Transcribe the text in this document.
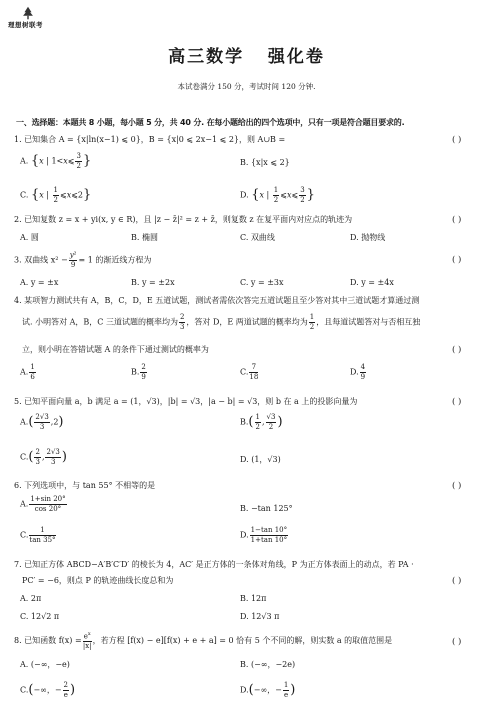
理想树联考
高三数学   强化卷
本试卷满分 150 分，考试时间 120 分钟.
一、选择题：本题共 8 小题，每小题 5 分，共 40 分. 在每小题给出的四个选项中，只有一项是符合题目要求的.
1. 已知集合 A = {x|ln(x−1) ⩽ 0}，B = {x|0 ⩽ 2x−1 ⩽ 2}，则 A∪B =	( )
A. {x | 1<x⩽ $\frac{3}{2}$ }	B. {x|x ⩽ 2}
C. {x | $\frac{1}{2}$ ⩽x⩽2}	D. {x | $\frac{1}{2}$ ⩽x⩽ $\frac{3}{2}$ }
2. 已知复数 z = x + yi(x, y ∈ R)，且 |z − z̄|² = z + z̄，则复数 z 在复平面内对应点的轨迹为	( )
A. 圆	B. 椭圆	C. 双曲线	D. 抛物线
3. 双曲线 $x^2 - \frac{\text{y²}}{9} = 1$ 的渐近线方程为	( )
A. y = ±x	B. y = ±2x	C. y = ±3x	D. y = ±4x
4. 某项智力测试共有 A，B，C，D，E 五道试题，测试者需依次答完五道试题且至少答对其中三道试题才算通过测
试. 小明答对 A，B，C 三道试题的概率均为 $\frac{2}{3}$ ，答对 D，E 两道试题的概率均为 $\frac{1}{2}$ ，且每道试题答对与否相互独
立，则小明在答错试题 A 的条件下通过测试的概率为	( )
A. $\frac{1}{6}$	B. $\frac{2}{9}$	C. $\frac{7}{18}$	D. $\frac{4}{9}$
5. 已知平面向量 a，b 满足 a = (1，√3)，|b| = √3，|a − b| = √3，则 b 在 a 上的投影向量为	( )
$A.( \frac{2√3}{3} ,2)$	$B.( \frac{1}{2}$ , $\frac{√3}{2}$ )
$C.( \frac{2}{3}$ , $\frac{2√3}{3}$ )	D. (1，√3)
6. 下列选项中，与 tan 55° 不相等的是	( )
A. $\frac{1+\sin 20^\circ}{\cos 20^\circ}$	B. −tan 125°
C. $\frac{1}{\tan 35^\circ}$	D. $\frac{1-\tan 10^\circ}{1+\tan 10^\circ}$
7. 已知正方体 ABCD−A′B′C′D′ 的棱长为 4，AC′ 是正方体的一条体对角线，P 为正方体表面上的动点，若 PA ·
PC′ = −6，则点 P 的轨迹曲线长度总和为	( )
A. 2π	B. 12π
C. 12√2 π	D. 12√3 π
8. 已知函数 $f(x) = \frac{e^x}{|x|}$ ，若方程 [f(x) − e][f(x) + e + a] = 0 恰有 5 个不同的解，则实数 a 的取值范围是	( )
A. (−∞，−e)	B. (−∞，−2e)
C.(−∞，− $\frac{2}{e}$ )	D.(−∞，− $\frac{1}{e}$ )
